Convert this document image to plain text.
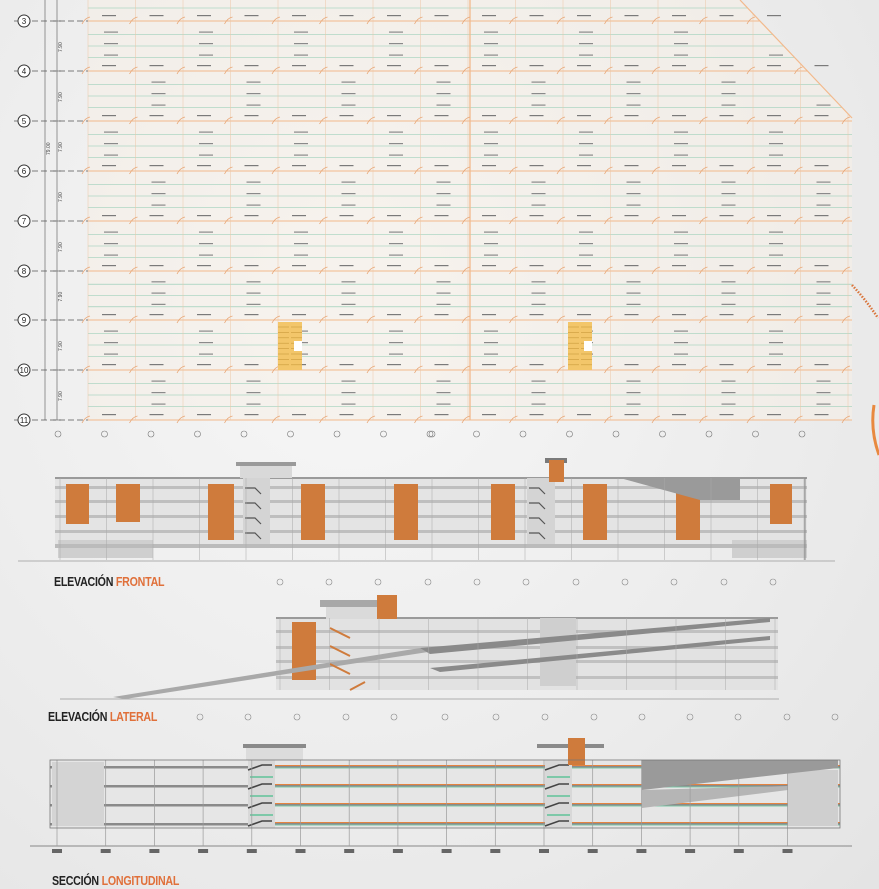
3
4
5
6
7
8
9
10
11
7.90
7.90
7.90
7.90
7.90
7.90
7.90
7.90
79.00
ELEVACIÓN FRONTAL
ELEVACIÓN LATERAL
SECCIÓN LONGITUDINAL
